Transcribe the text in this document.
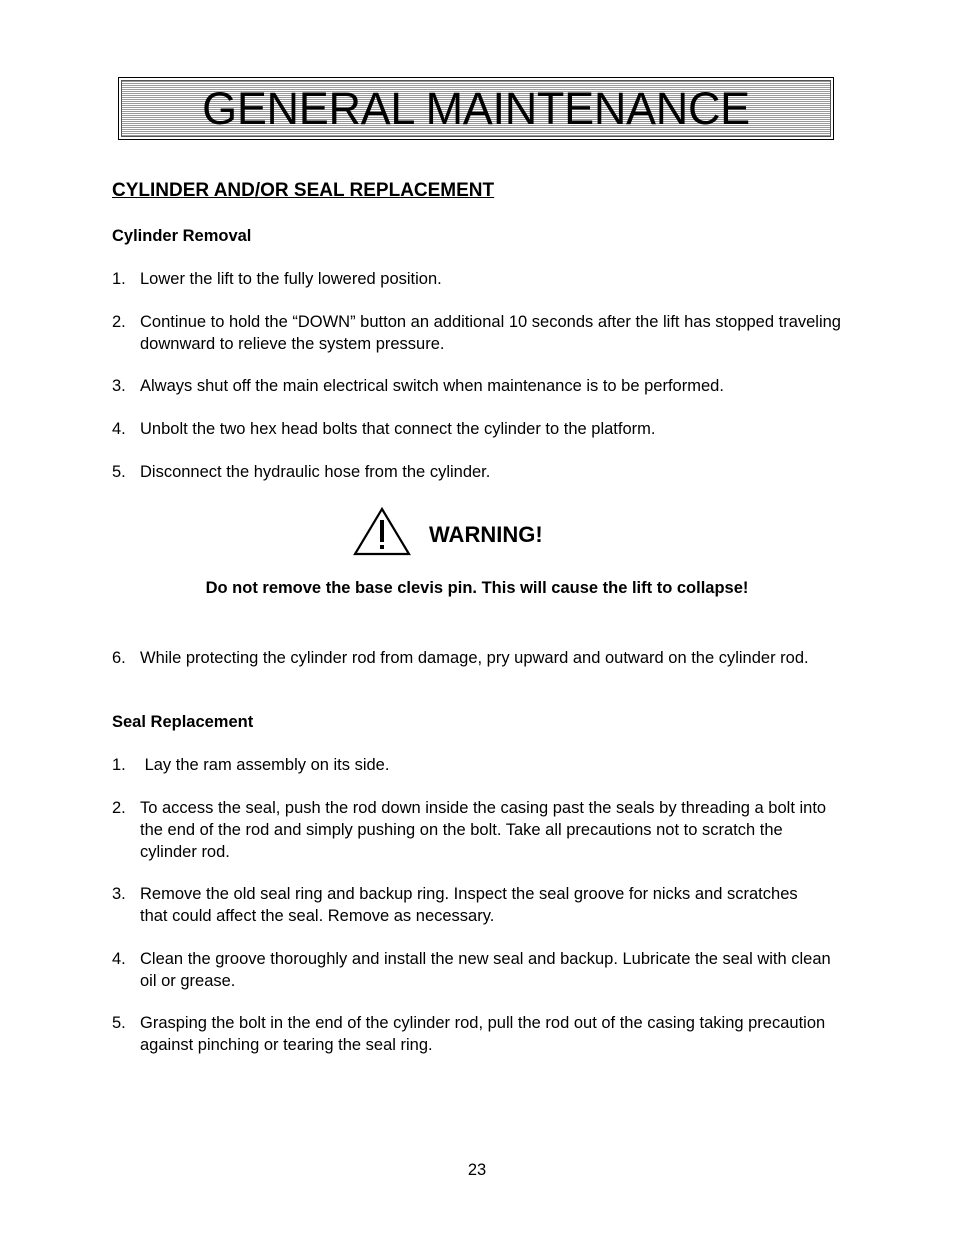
GENERAL MAINTENANCE
CYLINDER AND/OR SEAL REPLACEMENT
Cylinder Removal
1. Lower the lift to the fully lowered position.
2. Continue to hold the “DOWN” button an additional 10 seconds after the lift has stopped traveling downward to relieve the system pressure.
3. Always shut off the main electrical switch when maintenance is to be performed.
4. Unbolt the two hex head bolts that connect the cylinder to the platform.
5. Disconnect the hydraulic hose from the cylinder.
WARNING!
Do not remove the base clevis pin. This will cause the lift to collapse!
6. While protecting the cylinder rod from damage, pry upward and outward on the cylinder rod.
Seal Replacement
1. Lay the ram assembly on its side.
2. To access the seal, push the rod down inside the casing past the seals by threading a bolt into the end of the rod and simply pushing on the bolt. Take all precautions not to scratch the cylinder rod.
3. Remove the old seal ring and backup ring. Inspect the seal groove for nicks and scratches that could affect the seal. Remove as necessary.
4. Clean the groove thoroughly and install the new seal and backup. Lubricate the seal with clean oil or grease.
5. Grasping the bolt in the end of the cylinder rod, pull the rod out of the casing taking precaution against pinching or tearing the seal ring.
23
